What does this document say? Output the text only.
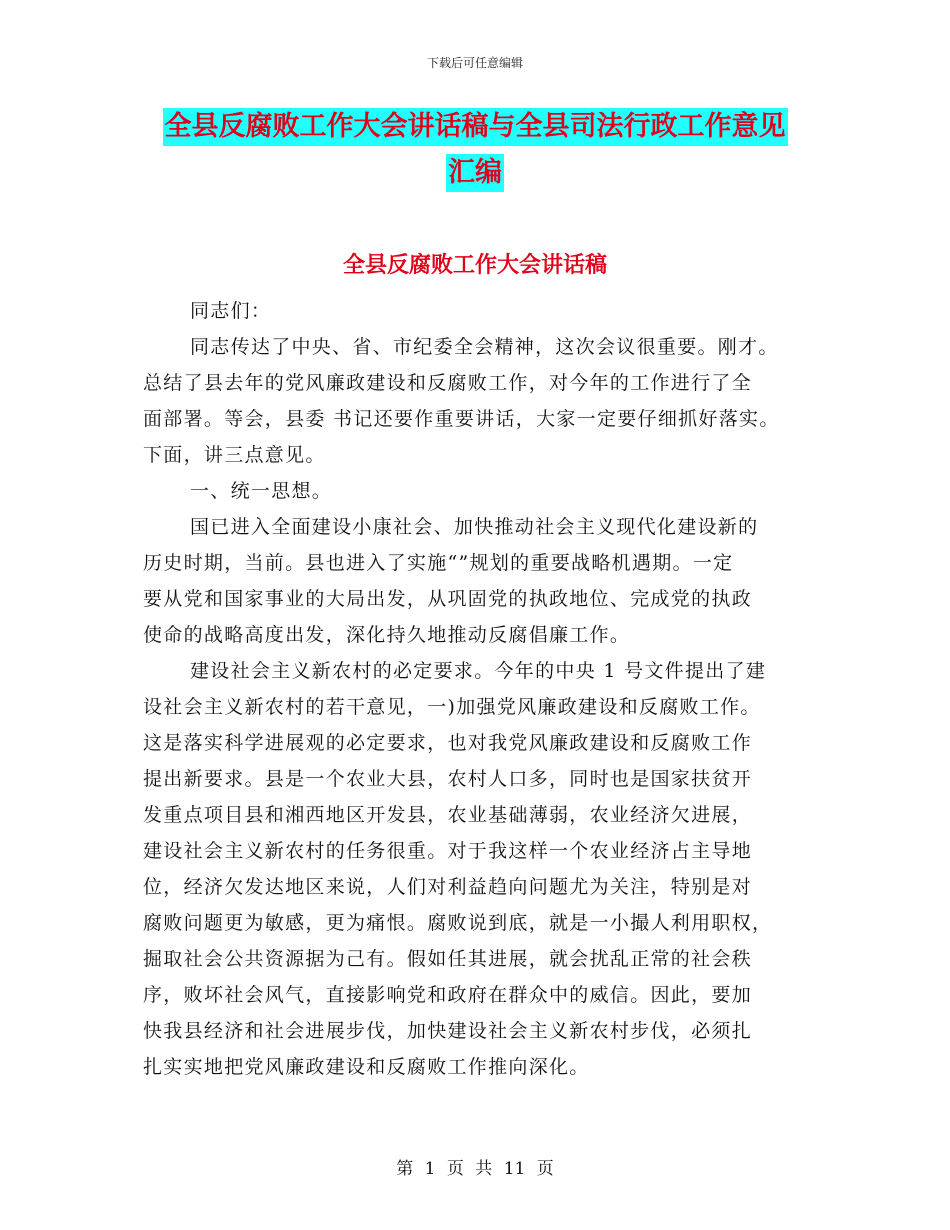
下载后可任意编辑
全县反腐败工作大会讲话稿与全县司法行政工作意见
汇编
全县反腐败工作大会讲话稿
同志们：
同志传达了中央、省、市纪委全会精神，这次会议很重要。刚才。
总结了县去年的党风廉政建设和反腐败工作，对今年的工作进行了全
面部署。等会，县委 书记还要作重要讲话，大家一定要仔细抓好落实。
下面，讲三点意见。
一、统一思想。
国已进入全面建设小康社会、加快推动社会主义现代化建设新的
历史时期，当前。县也进入了实施“”规划的重要战略机遇期。一定
要从党和国家事业的大局出发，从巩固党的执政地位、完成党的执政
使命的战略高度出发，深化持久地推动反腐倡廉工作。
建设社会主义新农村的必定要求。今年的中央 1 号文件提出了建
设社会主义新农村的若干意见，一)加强党风廉政建设和反腐败工作。
这是落实科学进展观的必定要求，也对我党风廉政建设和反腐败工作
提出新要求。县是一个农业大县，农村人口多，同时也是国家扶贫开
发重点项目县和湘西地区开发县，农业基础薄弱，农业经济欠进展，
建设社会主义新农村的任务很重。对于我这样一个农业经济占主导地
位，经济欠发达地区来说，人们对利益趋向问题尤为关注，特别是对
腐败问题更为敏感，更为痛恨。腐败说到底，就是一小撮人利用职权，
掘取社会公共资源据为己有。假如任其进展，就会扰乱正常的社会秩
序，败坏社会风气，直接影响党和政府在群众中的威信。因此，要加
快我县经济和社会进展步伐，加快建设社会主义新农村步伐，必须扎
扎实实地把党风廉政建设和反腐败工作推向深化。
第 1 页 共 11 页
